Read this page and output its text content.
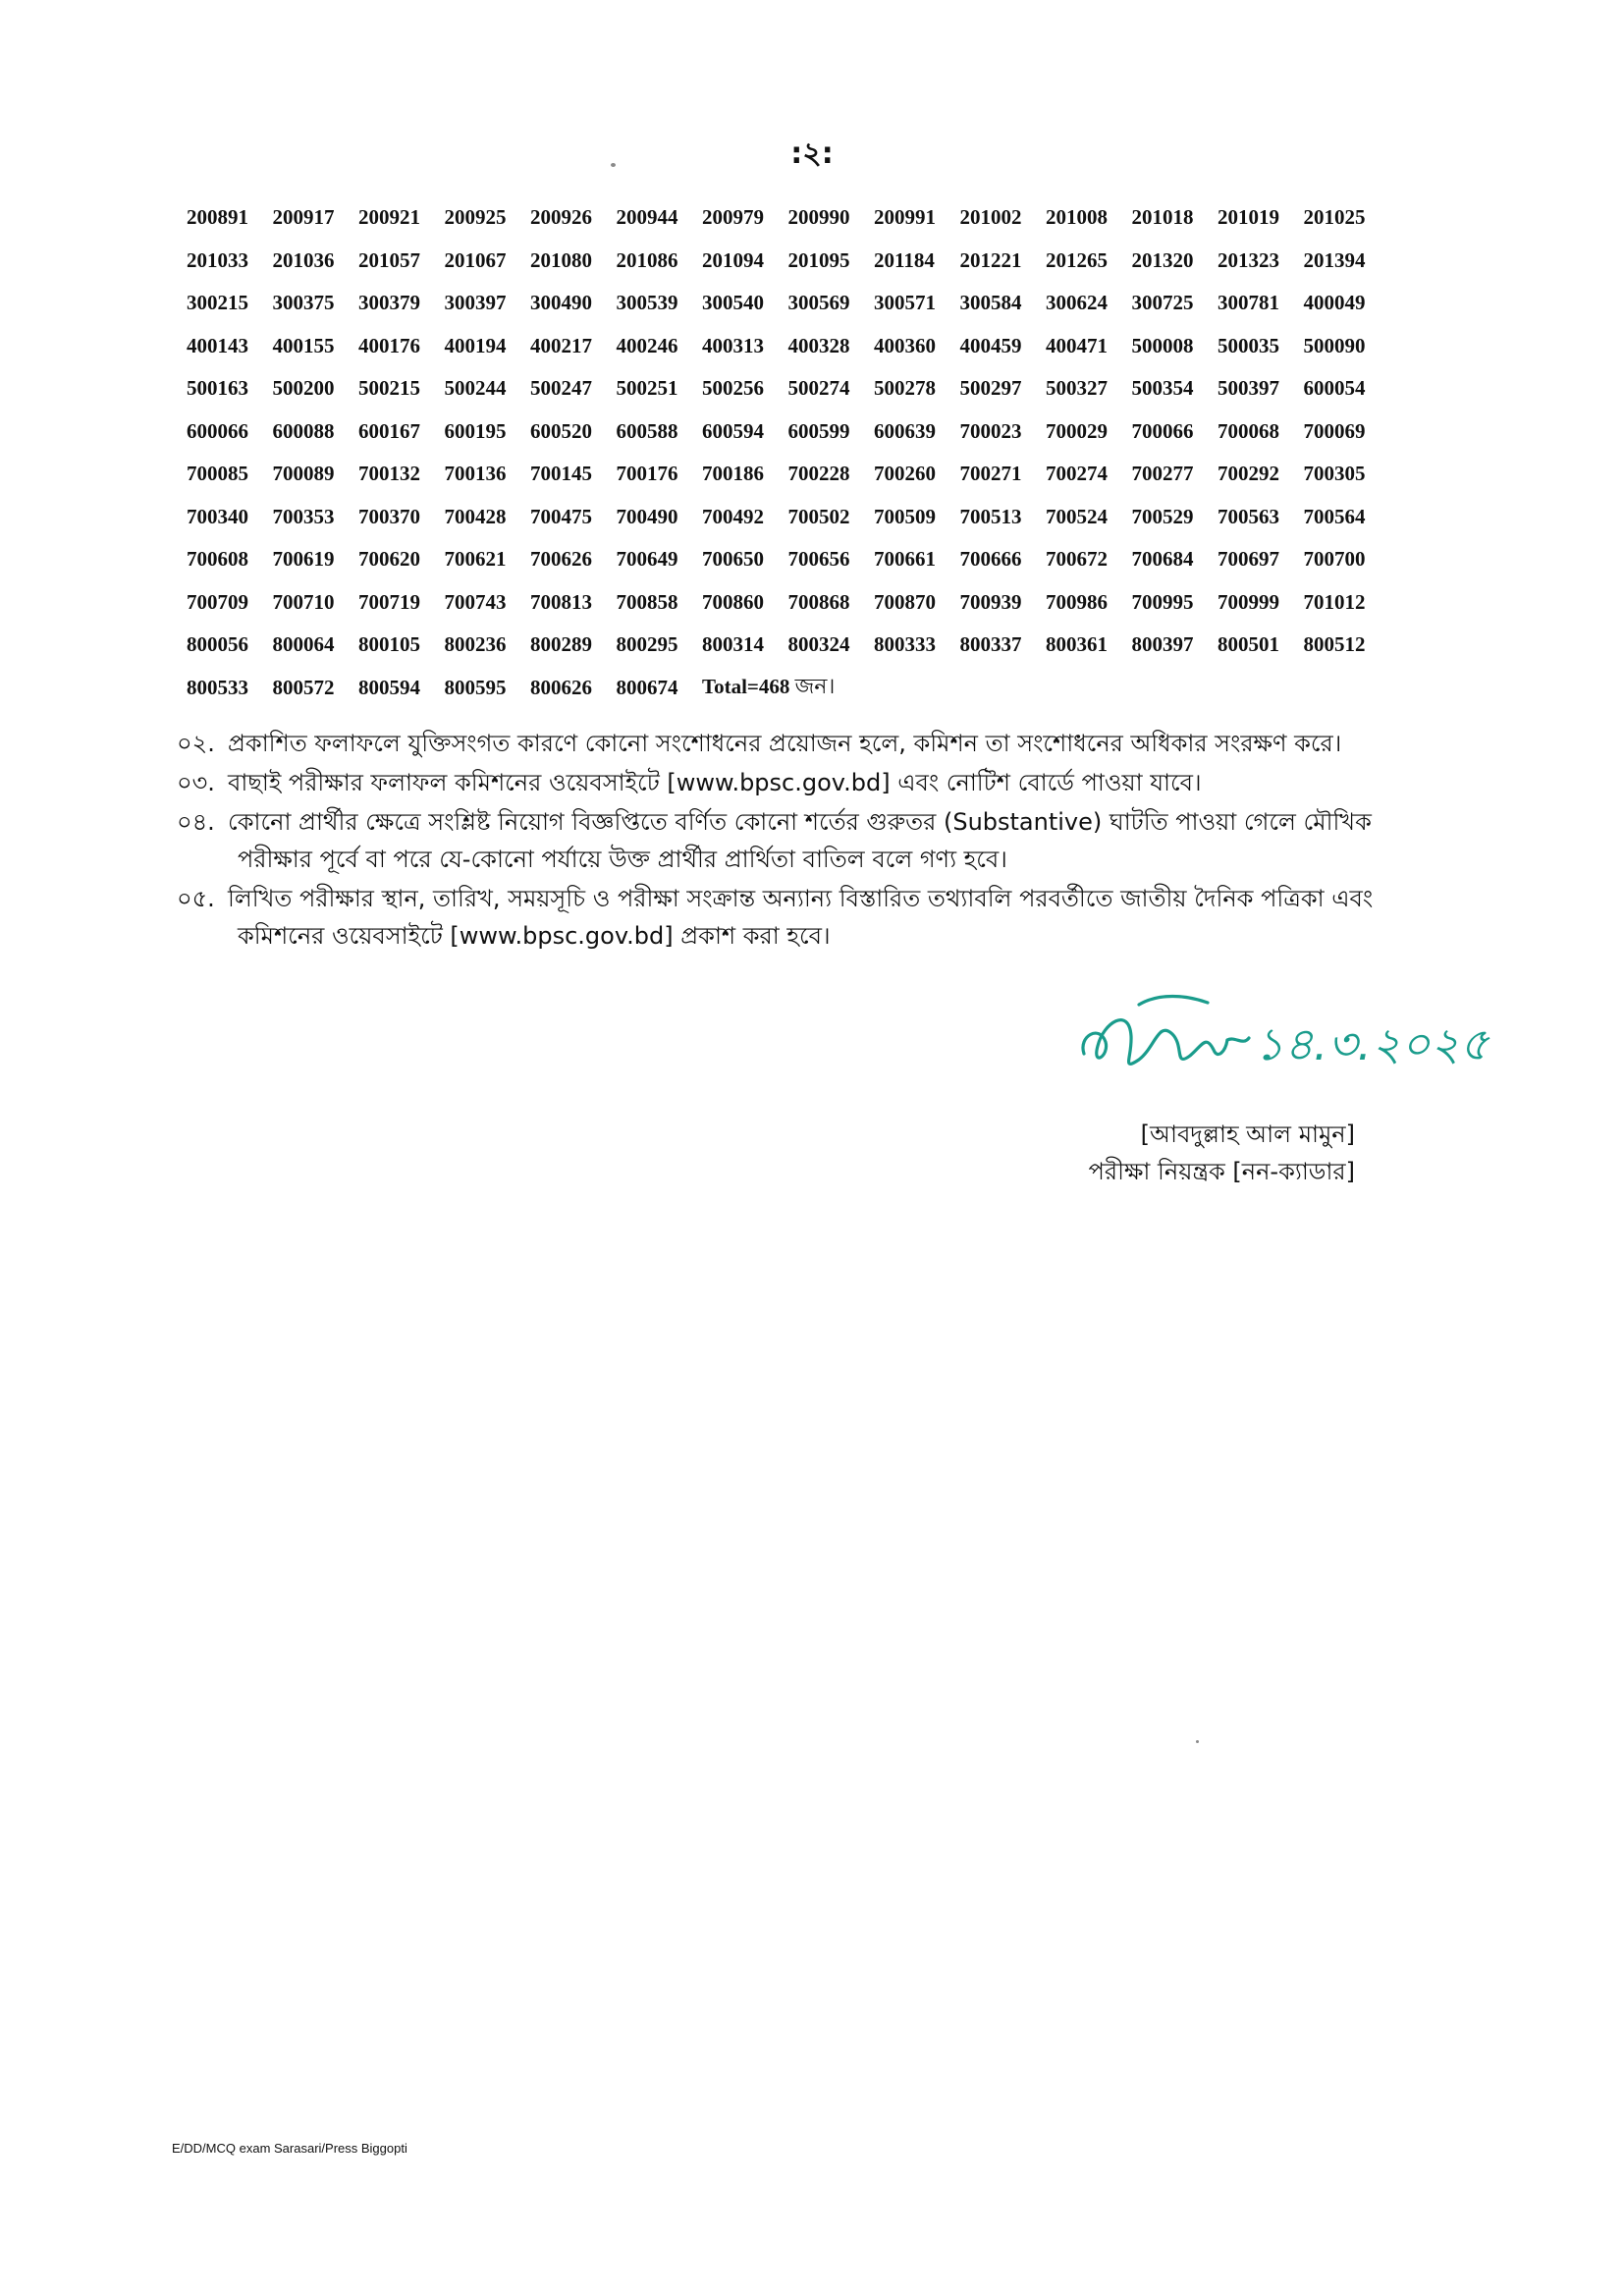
:২:
200891	200917	200921	200925	200926	200944	200979	200990	200991	201002	201008	201018	201019	201025
201033	201036	201057	201067	201080	201086	201094	201095	201184	201221	201265	201320	201323	201394
300215	300375	300379	300397	300490	300539	300540	300569	300571	300584	300624	300725	300781	400049
400143	400155	400176	400194	400217	400246	400313	400328	400360	400459	400471	500008	500035	500090
500163	500200	500215	500244	500247	500251	500256	500274	500278	500297	500327	500354	500397	600054
600066	600088	600167	600195	600520	600588	600594	600599	600639	700023	700029	700066	700068	700069
700085	700089	700132	700136	700145	700176	700186	700228	700260	700271	700274	700277	700292	700305
700340	700353	700370	700428	700475	700490	700492	700502	700509	700513	700524	700529	700563	700564
700608	700619	700620	700621	700626	700649	700650	700656	700661	700666	700672	700684	700697	700700
700709	700710	700719	700743	700813	700858	700860	700868	700870	700939	700986	700995	700999	701012
800056	800064	800105	800236	800289	800295	800314	800324	800333	800337	800361	800397	800501	800512
800533	800572	800594	800595	800626	800674	Total=468 জন।							
০২. প্রকাশিত ফলাফলে যুক্তিসংগত কারণে কোনো সংশোধনের প্রয়োজন হলে, কমিশন তা সংশোধনের অধিকার সংরক্ষণ করে।
০৩. বাছাই পরীক্ষার ফলাফল কমিশনের ওয়েবসাইটে [www.bpsc.gov.bd] এবং নোটিশ বোর্ডে পাওয়া যাবে।
০৪. কোনো প্রার্থীর ক্ষেত্রে সংশ্লিষ্ট নিয়োগ বিজ্ঞপ্তিতে বর্ণিত কোনো শর্তের গুরুতর (Substantive) ঘাটতি পাওয়া গেলে মৌখিক
পরীক্ষার পূর্বে বা পরে যে-কোনো পর্যায়ে উক্ত প্রার্থীর প্রার্থিতা বাতিল বলে গণ্য হবে।
০৫. লিখিত পরীক্ষার স্থান, তারিখ, সময়সূচি ও পরীক্ষা সংক্রান্ত অন্যান্য বিস্তারিত তথ্যাবলি পরবর্তীতে জাতীয় দৈনিক পত্রিকা এবং
কমিশনের ওয়েবসাইটে [www.bpsc.gov.bd] প্রকাশ করা হবে।
১৪.৩.২০২৫
[আবদুল্লাহ আল মামুন]
পরীক্ষা নিয়ন্ত্রক [নন-ক্যাডার]
E/DD/MCQ exam Sarasari/Press Biggopti
